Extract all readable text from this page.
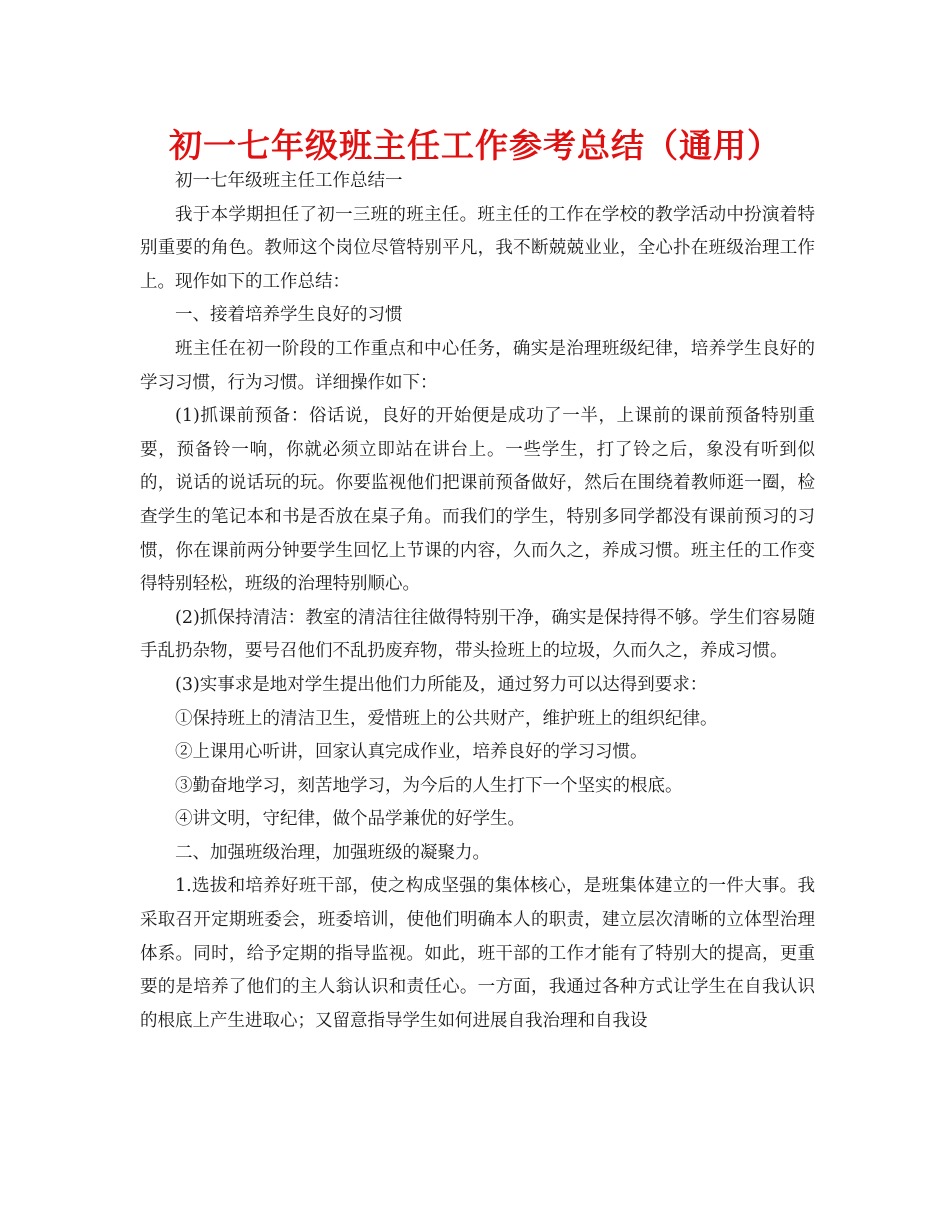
初一七年级班主任工作参考总结（通用）

初一七年级班主任工作总结一

我于本学期担任了初一三班的班主任。班主任的工作在学校的教学活动中扮演着特别重要的角色。教师这个岗位尽管特别平凡，我不断兢兢业业，全心扑在班级治理工作上。现作如下的工作总结：

一、接着培养学生良好的习惯

班主任在初一阶段的工作重点和中心任务，确实是治理班级纪律，培养学生良好的学习习惯，行为习惯。详细操作如下：

(1)抓课前预备：俗话说，良好的开始便是成功了一半，上课前的课前预备特别重要，预备铃一响，你就必须立即站在讲台上。一些学生，打了铃之后，象没有听到似的，说话的说话玩的玩。你要监视他们把课前预备做好，然后在围绕着教师逛一圈，检查学生的笔记本和书是否放在桌子角。而我们的学生，特别多同学都没有课前预习的习惯，你在课前两分钟要学生回忆上节课的内容，久而久之，养成习惯。班主任的工作变得特别轻松，班级的治理特别顺心。

(2)抓保持清洁：教室的清洁往往做得特别干净，确实是保持得不够。学生们容易随手乱扔杂物，要号召他们不乱扔废弃物，带头捡班上的垃圾，久而久之，养成习惯。

(3)实事求是地对学生提出他们力所能及，通过努力可以达得到要求：

①保持班上的清洁卫生，爱惜班上的公共财产，维护班上的组织纪律。

②上课用心听讲，回家认真完成作业，培养良好的学习习惯。

③勤奋地学习，刻苦地学习，为今后的人生打下一个坚实的根底。

④讲文明，守纪律，做个品学兼优的好学生。

二、加强班级治理，加强班级的凝聚力。

1.选拔和培养好班干部，使之构成坚强的集体核心，是班集体建立的一件大事。我采取召开定期班委会，班委培训，使他们明确本人的职责，建立层次清晰的立体型治理体系。同时，给予定期的指导监视。如此，班干部的工作才能有了特别大的提高，更重要的是培养了他们的主人翁认识和责任心。一方面，我通过各种方式让学生在自我认识的根底上产生进取心；又留意指导学生如何进展自我治理和自我设
